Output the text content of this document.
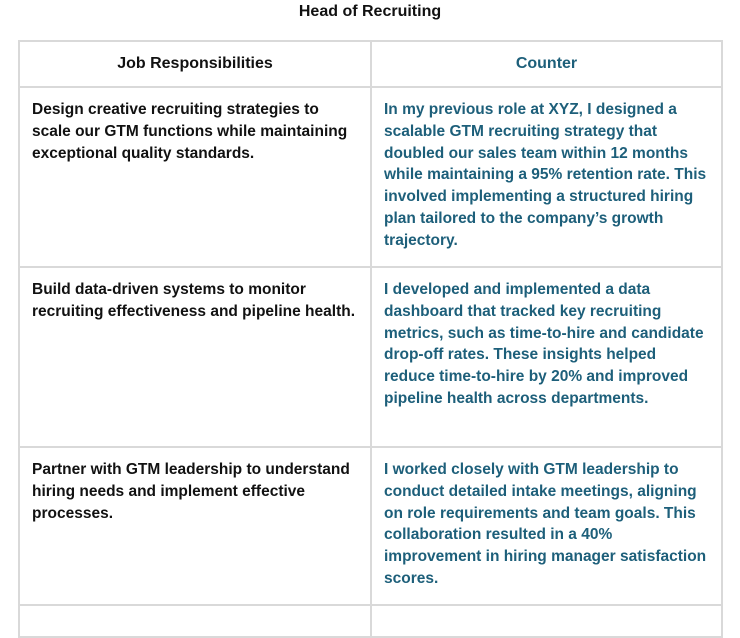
Head of Recruiting
Job Responsibilities	Counter
Design creative recruiting strategies to scale our GTM functions while maintaining exceptional quality standards.	In my previous role at XYZ, I designed a scalable GTM recruiting strategy that doubled our sales team within 12 months while maintaining a 95% retention rate. This involved implementing a structured hiring plan tailored to the company’s growth trajectory.
Build data-driven systems to monitor recruiting effectiveness and pipeline health.	I developed and implemented a data dashboard that tracked key recruiting metrics, such as time-to-hire and candidate drop-off rates. These insights helped reduce time-to-hire by 20% and improved pipeline health across departments.
Partner with GTM leadership to understand hiring needs and implement effective processes.	I worked closely with GTM leadership to conduct detailed intake meetings, aligning on role requirements and team goals. This collaboration resulted in a 40% improvement in hiring manager satisfaction scores.
